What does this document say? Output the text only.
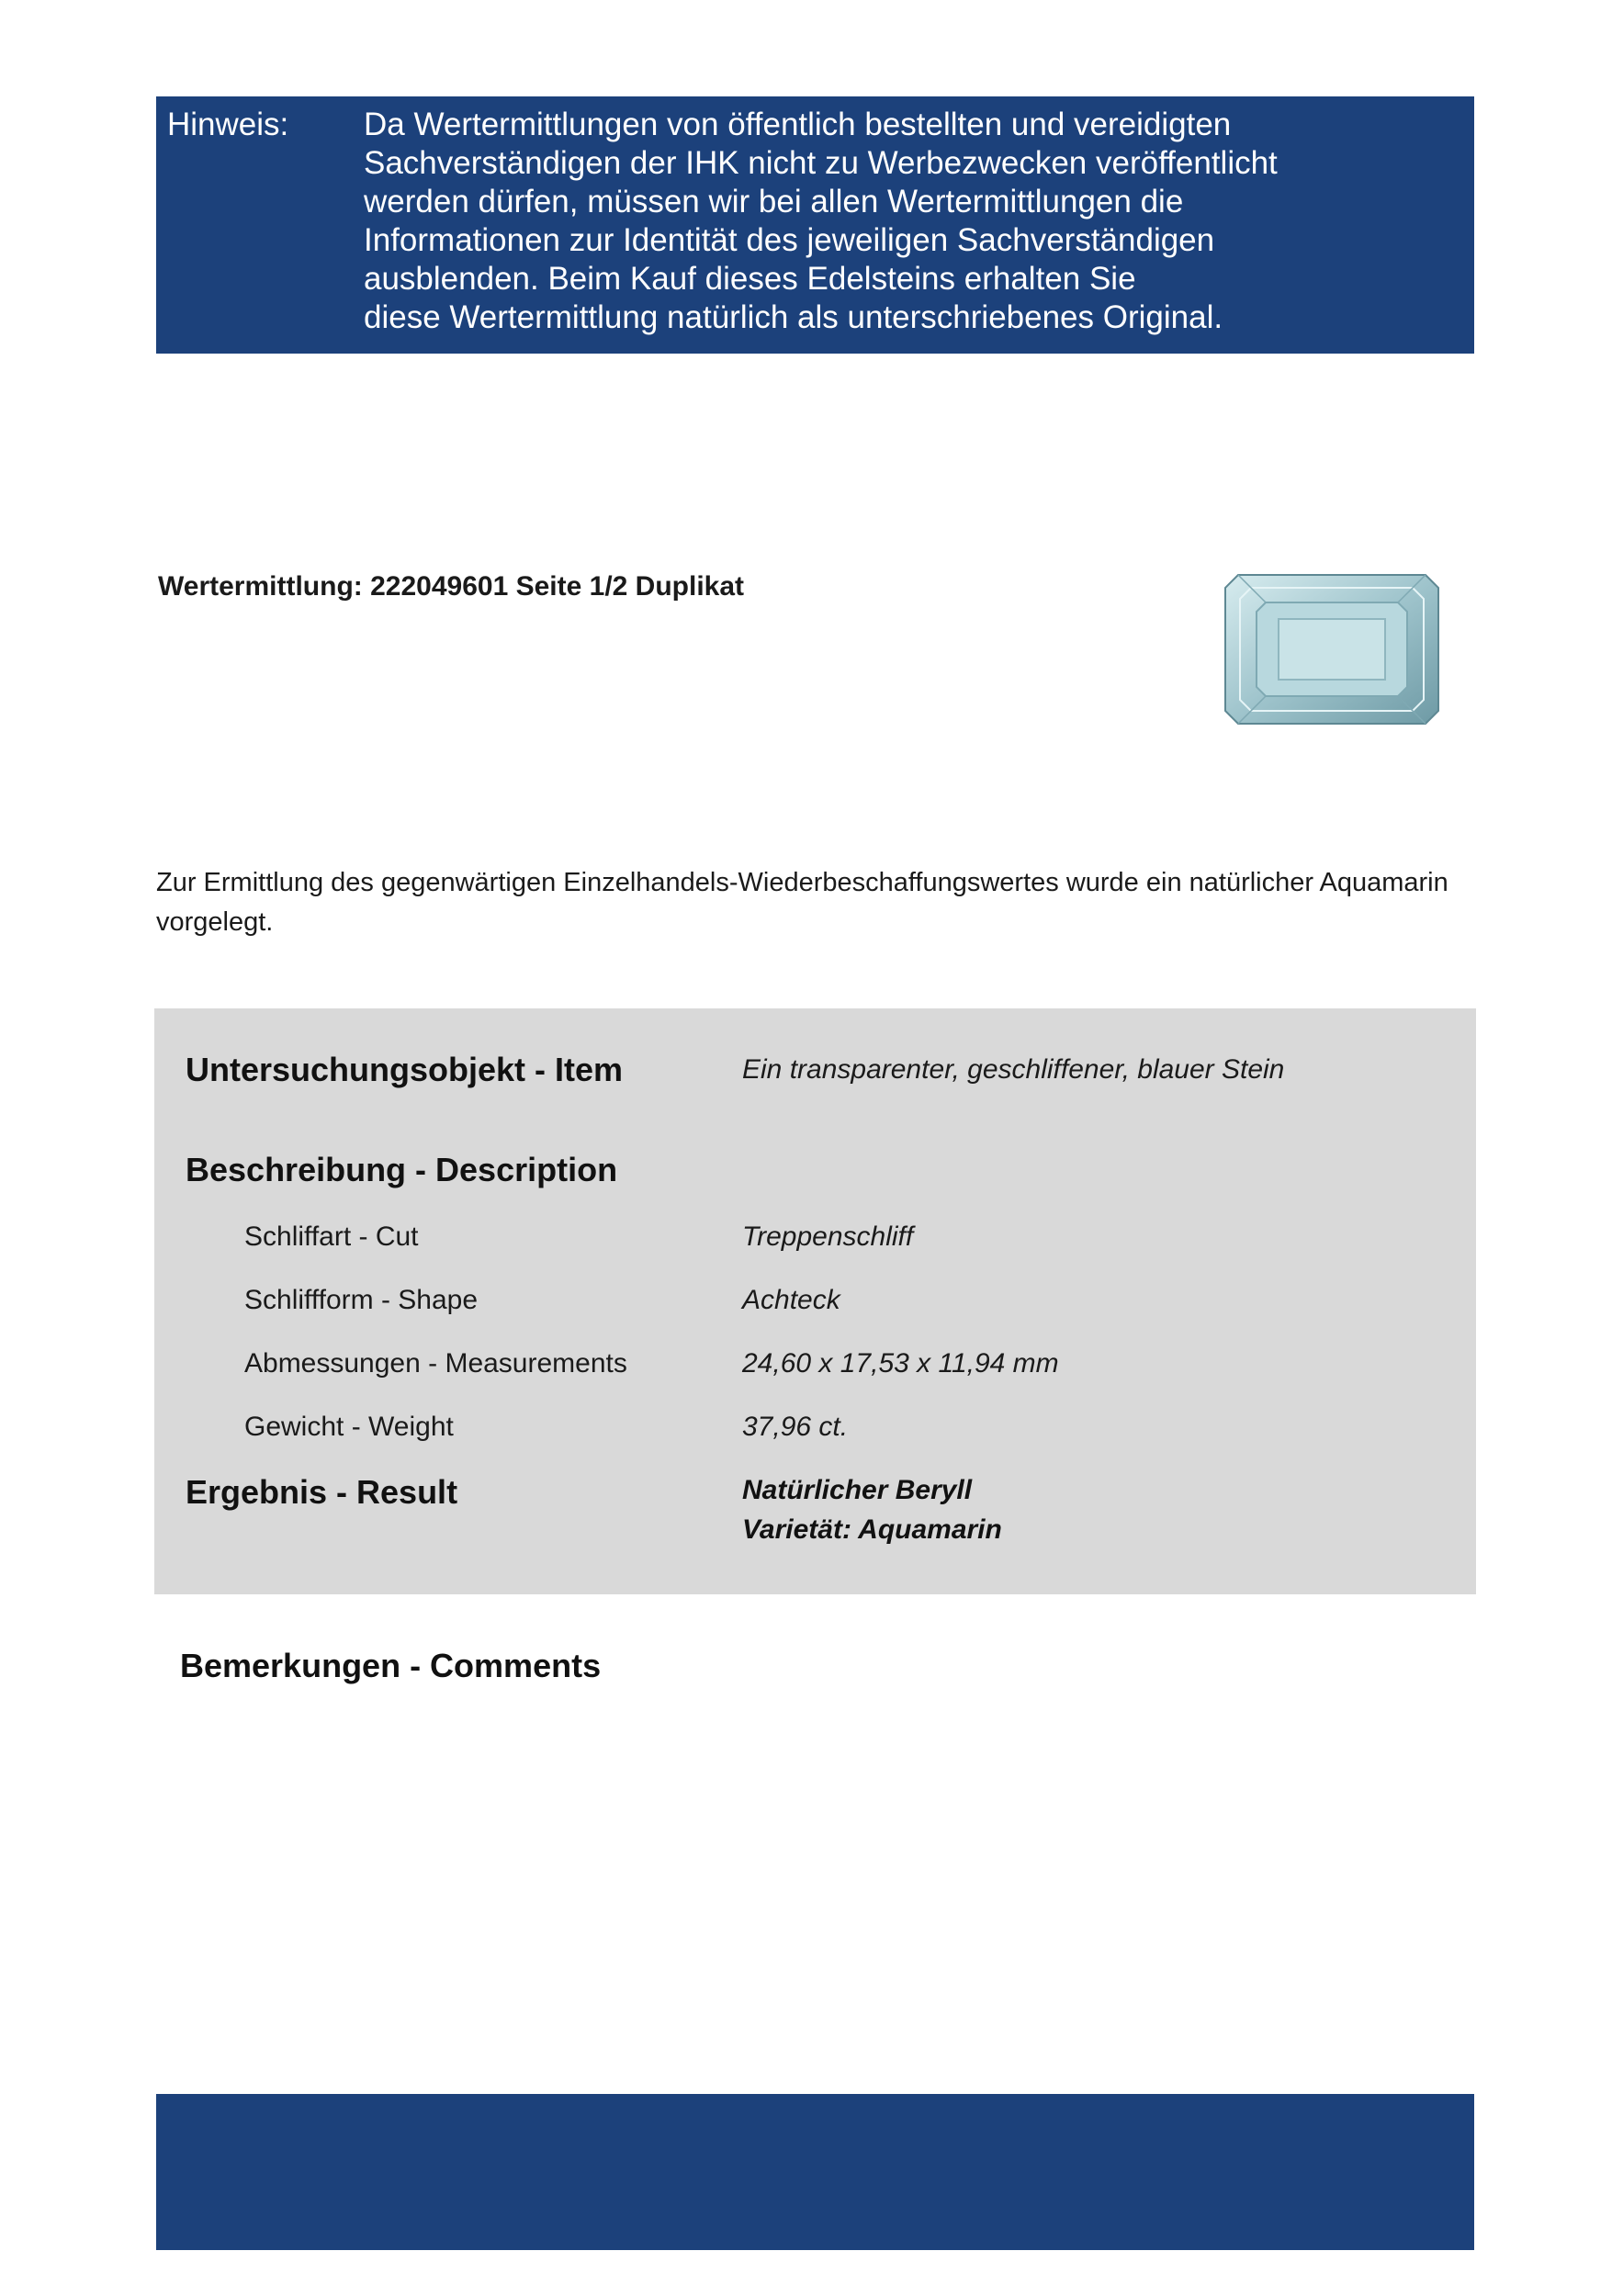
Hinweis: Da Wertermittlungen von öffentlich bestellten und vereidigten
Sachverständigen der IHK nicht zu Werbezwecken veröffentlicht
werden dürfen, müssen wir bei allen Wertermittlungen die
Informationen zur Identität des jeweiligen Sachverständigen
ausblenden. Beim Kauf dieses Edelsteins erhalten Sie
diese Wertermittlung natürlich als unterschriebenes Original.
Wertermittlung: 222049601 Seite 1/2 Duplikat
Zur Ermittlung des gegenwärtigen Einzelhandels-Wiederbeschaffungswertes wurde ein natürlicher Aquamarin vorgelegt.
Untersuchungsobjekt - Item	Ein transparenter, geschliffener, blauer Stein
Beschreibung - Description
Schliffart - Cut	Treppenschliff
Schliffform - Shape	Achteck
Abmessungen - Measurements	24,60 x 17,53 x 11,94 mm
Gewicht - Weight	37,96 ct.
Ergebnis - Result	Natürlicher Beryll
Varietät: Aquamarin
Bemerkungen - Comments
